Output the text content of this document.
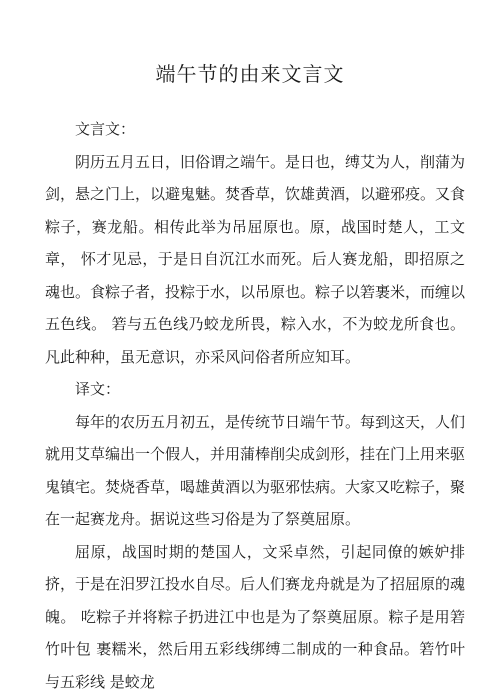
端午节的由来文言文

文言文：

阴历五月五日，旧俗谓之端午。是日也，缚艾为人，削蒲为 剑，悬之门上，以避鬼魅。焚香草，饮雄黄酒，以避邪疫。又食 粽子，赛龙船。相传此举为吊屈原也。原，战国时楚人，工文章， 怀才见忌，于是日自沉江水而死。后人赛龙船，即招原之魂也。食粽子者，投粽于水，以吊原也。粽子以箬裹米，而缠以五色线。 箬与五色线乃蛟龙所畏，粽入水，不为蛟龙所食也。凡此种种，虽无意识，亦采风问俗者所应知耳。

译文：

每年的农历五月初五，是传统节日端午节。每到这天，人们 就用艾草编出一个假人，并用蒲棒削尖成剑形，挂在门上用来驱 鬼镇宅。焚烧香草，喝雄黄酒以为驱邪怯病。大家又吃粽子，聚 在一起赛龙舟。据说这些习俗是为了祭奠屈原。

屈原，战国时期的楚国人，文采卓然，引起同僚的嫉妒排挤，于是在汨罗江投水自尽。后人们赛龙舟就是为了招屈原的魂魄。 吃粽子并将粽子扔进江中也是为了祭奠屈原。粽子是用箬竹叶包 裹糯米，然后用五彩线绑缚二制成的一种食品。箬竹叶与五彩线 是蛟龙
